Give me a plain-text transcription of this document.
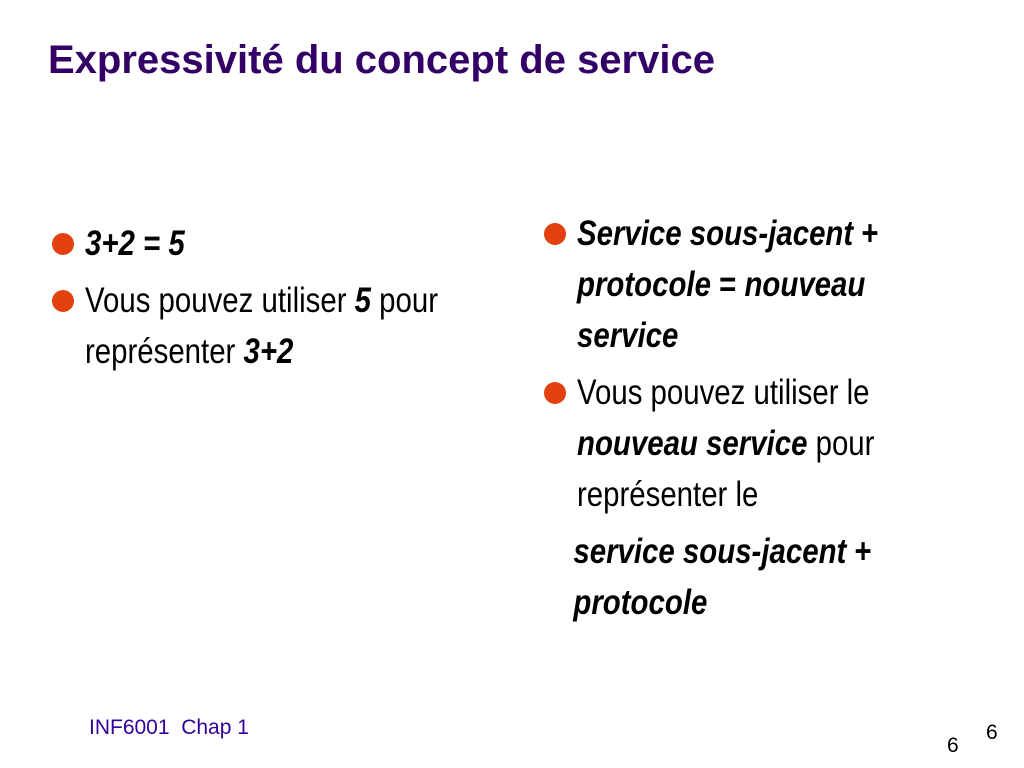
Expressivité du concept de service
3+2 = 5
Vous pouvez utiliser 5 pour représenter 3+2
Service sous-jacent + protocole = nouveau service
Vous pouvez utiliser le nouveau service pour représenter le
service sous-jacent + protocole
INF6001  Chap 1
6
6
